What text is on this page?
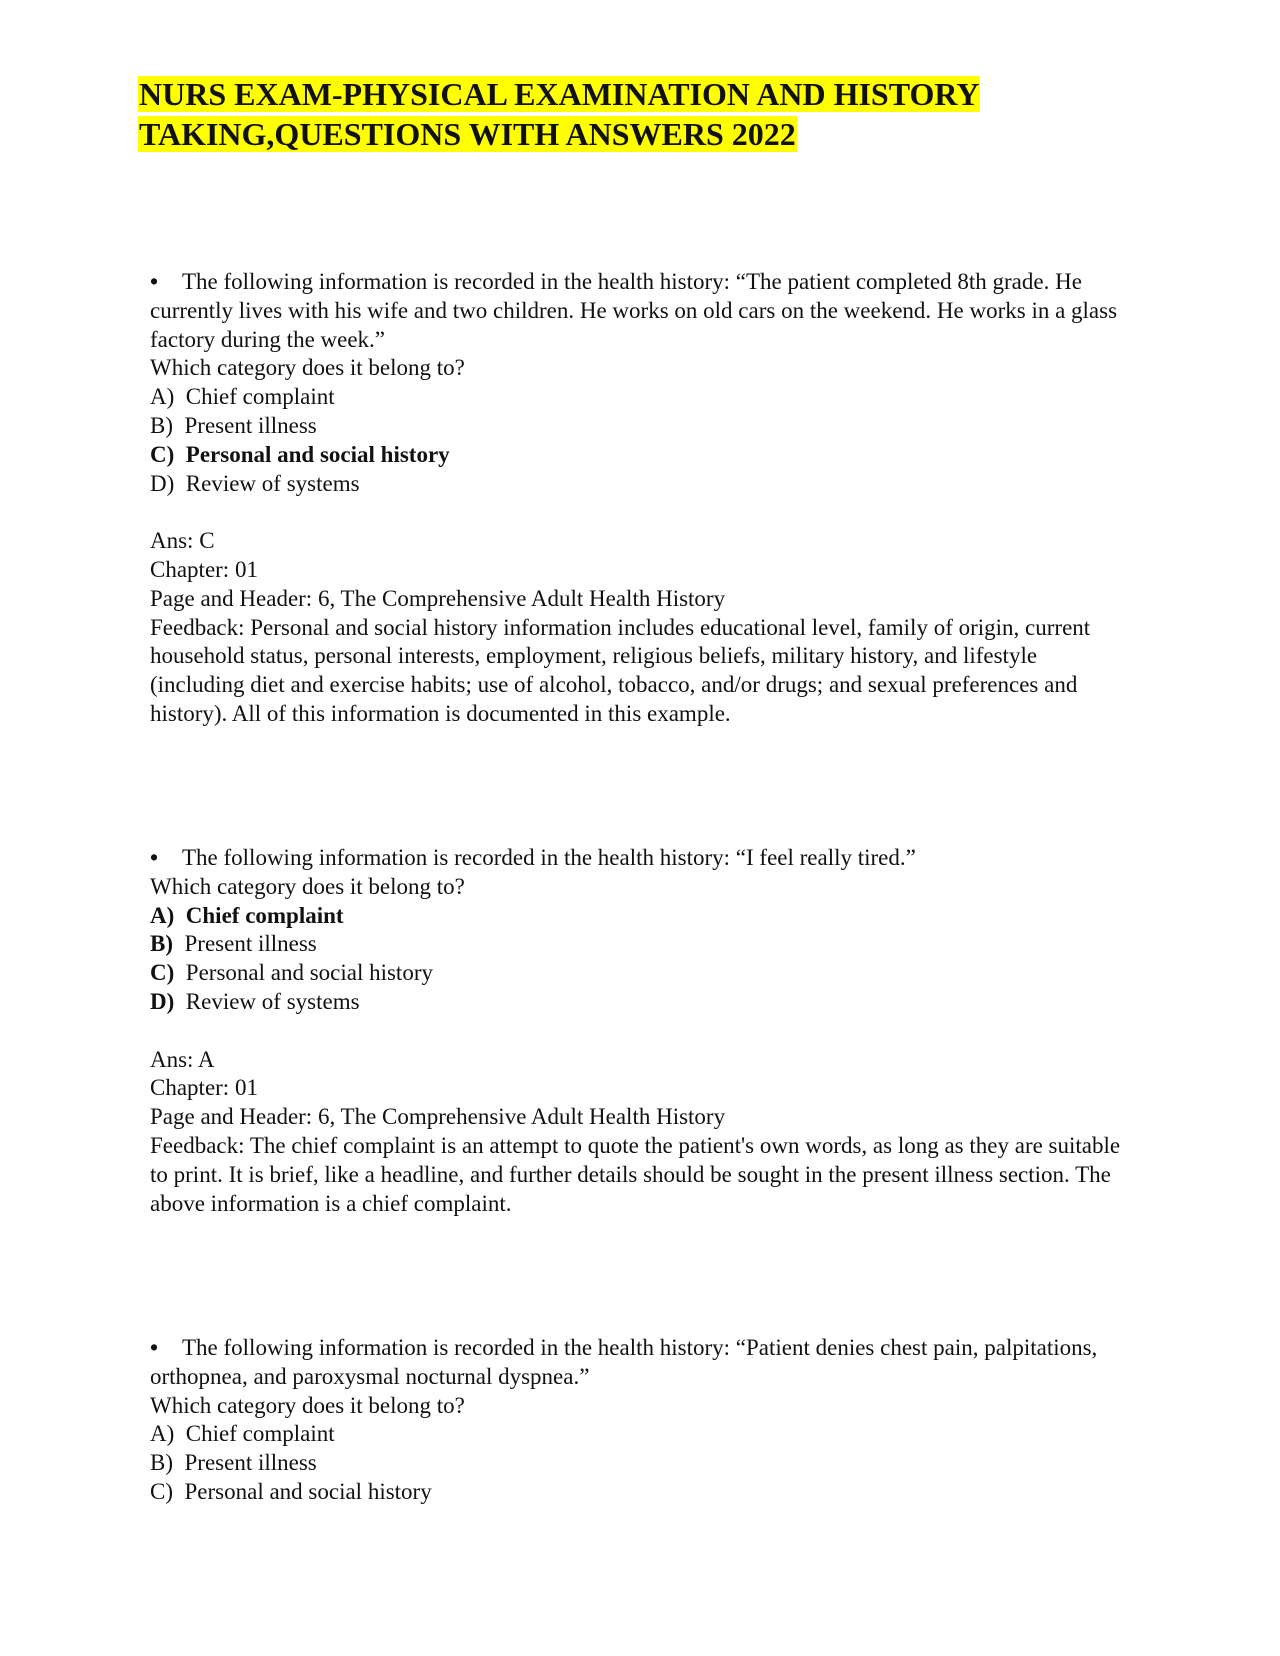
NURS EXAM-PHYSICAL EXAMINATION AND HISTORY
TAKING,QUESTIONS WITH ANSWERS 2022

•	The following information is recorded in the health history: “The patient completed 8th grade. He currently lives with his wife and two children. He works on old cars on the weekend. He works in a glass factory during the week.”

Which category does it belong to?

A) Chief complaint
B) Present illness
C) Personal and social history
D) Review of systems

Ans: C

Chapter: 01

Page and Header: 6, The Comprehensive Adult Health History

Feedback: Personal and social history information includes educational level, family of origin, current household status, personal interests, employment, religious beliefs, military history, and lifestyle (including diet and exercise habits; use of alcohol, tobacco, and/or drugs; and sexual preferences and history). All of this information is documented in this example.

•	The following information is recorded in the health history: “I feel really tired.”

Which category does it belong to?

A) Chief complaint
B) Present illness
C) Personal and social history
D) Review of systems

Ans: A

Chapter: 01

Page and Header: 6, The Comprehensive Adult Health History

Feedback: The chief complaint is an attempt to quote the patient's own words, as long as they are suitable to print. It is brief, like a headline, and further details should be sought in the present illness section. The above information is a chief complaint.

•	The following information is recorded in the health history: “Patient denies chest pain, palpitations, orthopnea, and paroxysmal nocturnal dyspnea.”

Which category does it belong to?

A) Chief complaint
B) Present illness
C) Personal and social history
